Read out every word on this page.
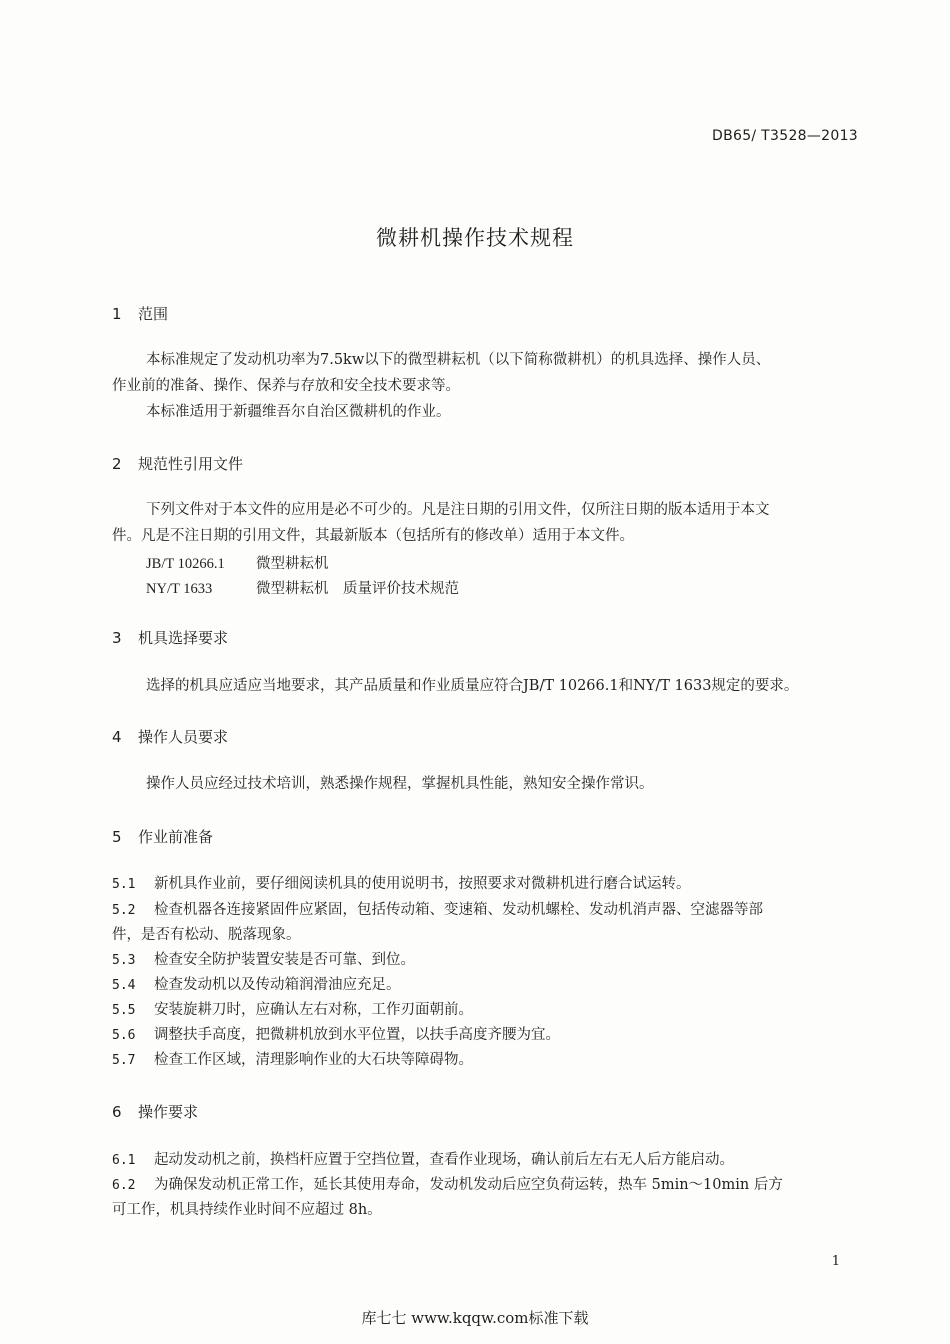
DB65/ T3528—2013
微耕机操作技术规程
1 范围
本标准规定了发动机功率为7.5kw以下的微型耕耘机（以下简称微耕机）的机具选择、操作人员、
作业前的准备、操作、保养与存放和安全技术要求等。
本标准适用于新疆维吾尔自治区微耕机的作业。
2 规范性引用文件
下列文件对于本文件的应用是必不可少的。凡是注日期的引用文件，仅所注日期的版本适用于本文
件。凡是不注日期的引用文件，其最新版本（包括所有的修改单）适用于本文件。
JB/T 10266.1 微型耕耘机
NY/T 1633	微型耕耘机　质量评价技术规范
3 机具选择要求
选择的机具应适应当地要求，其产品质量和作业质量应符合JB/T 10266.1和NY/T 1633规定的要求。
4 操作人员要求
操作人员应经过技术培训，熟悉操作规程，掌握机具性能，熟知安全操作常识。
5 作业前准备
5.1 新机具作业前，要仔细阅读机具的使用说明书，按照要求对微耕机进行磨合试运转。
5.2 检查机器各连接紧固件应紧固，包括传动箱、变速箱、发动机螺栓、发动机消声器、空滤器等部
件，是否有松动、脱落现象。
5.3 检查安全防护装置安装是否可靠、到位。
5.4 检查发动机以及传动箱润滑油应充足。
5.5 安装旋耕刀时，应确认左右对称，工作刃面朝前。
5.6 调整扶手高度，把微耕机放到水平位置，以扶手高度齐腰为宜。
5.7 检查工作区域，清理影响作业的大石块等障碍物。
6 操作要求
6.1 起动发动机之前，换档杆应置于空挡位置，查看作业现场，确认前后左右无人后方能启动。
6.2 为确保发动机正常工作，延长其使用寿命，发动机发动后应空负荷运转，热车 5min～10min 后方
可工作，机具持续作业时间不应超过 8h。
1
库七七 www.kqqw.com标准下载
